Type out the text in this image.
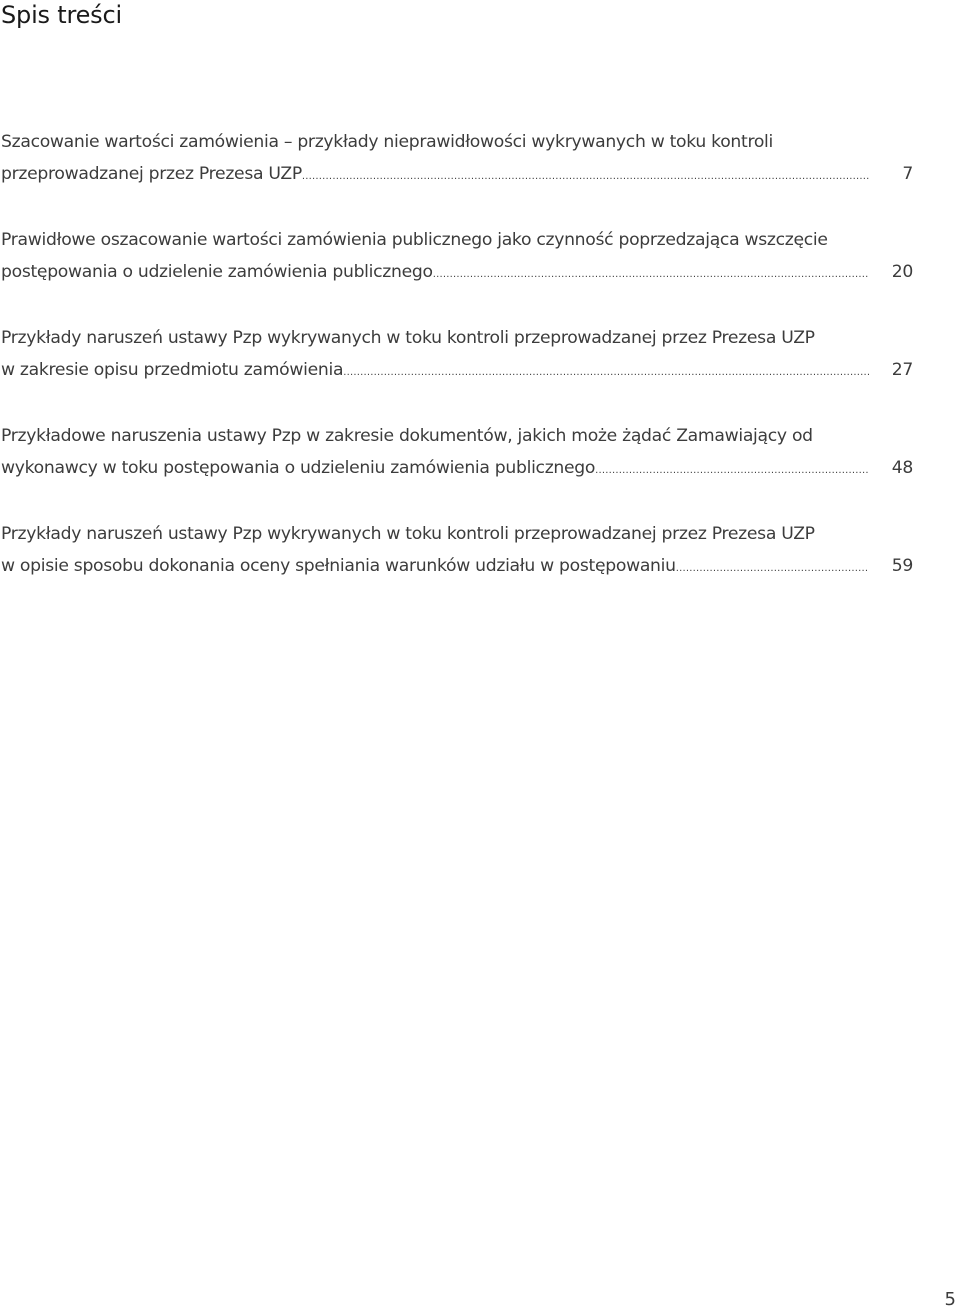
Spis treści
Szacowanie wartości zamówienia – przykłady nieprawidłowości wykrywanych w toku kontroli
przeprowadzanej przez Prezesa UZP .....	7
Prawidłowe oszacowanie wartości zamówienia publicznego jako czynność poprzedzająca wszczęcie
postępowania o udzielenie zamówienia publicznego .....	20
Przykłady naruszeń ustawy Pzp wykrywanych w toku kontroli przeprowadzanej przez Prezesa UZP
w zakresie opisu przedmiotu zamówienia .....	27
Przykładowe naruszenia ustawy Pzp w zakresie dokumentów, jakich może żądać Zamawiający od
wykonawcy w toku postępowania o udzieleniu zamówienia publicznego .....	48
Przykłady naruszeń ustawy Pzp wykrywanych w toku kontroli przeprowadzanej przez Prezesa UZP
w opisie sposobu dokonania oceny spełniania warunków udziału w postępowaniu .....	59
5
